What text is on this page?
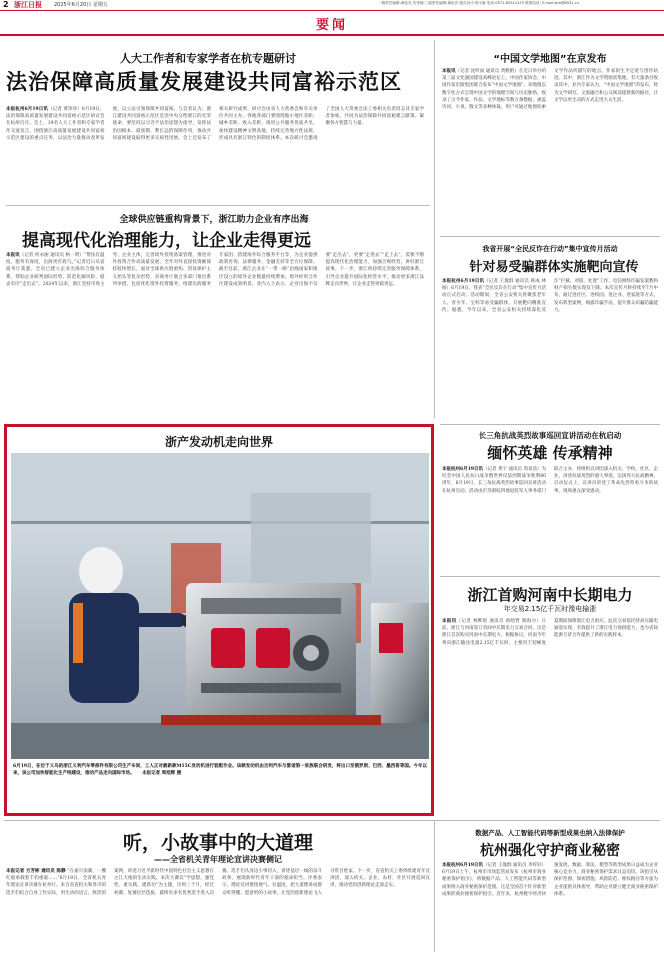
2 浙江日报 2025年6月20日 星期五	一版责任编辑:龚伦亮 后旻娴 二版责任编辑:龚伦亮 版式设计:郭小姬 电话:0571-85311479 联系电话: E-mail:zjrb@8531.cn
要闻
人大工作者和专家学者在杭专题研讨
法治保障高质量发展建设共同富裕示范区
本报杭州6月19日讯（记者 黄珍珍）6月19日，法治保障高质量发展建设共同富裕示范区研讨会在杭州召开。会上，19名人大工作者和专家学者作交流发言，围绕浙江高质量发展建设共同富裕示范区建设的重点任务，以法治力量推动改革发展，以立法引领保障共同富裕。与会者认为，浙江建设共同富裕示范区是党中央交给浙江的光荣使命，要坚持以习近平法治思想为指导，发挥法治固根本、稳预期、利长远的保障作用，推动共同富裕建设取得更多实质性进展。会上还发布了相关研究成果，研讨会由省人大常委会和有关单位共同主办。各地各部门要围绕缩小地区差距、城乡差距、收入差距，推进公共服务优质共享，加快建设精神文明高地，持续完善地方性法规，形成具有浙江特色的制度体系。本次研讨会邀请了全国人大常委会法工委相关负责同志及专家学者参加，共同为法治保障共同富裕建言献策，凝聚各方智慧与力量。
全球供应链重构背景下，浙江助力企业有序出海
提高现代化治理能力，让企业走得更远
本报讯（记者 何永丽 通讯员 杨一明）“帮扶有温度，服务有深度，出海更有底气。”记者近日从省商务厅获悉，全省已建立企业出海综合服务体系，帮助企业研判国际形势、防范化解风险、稳妥有序“走出去”。2024年以来，浙江坚持市场主导、企业主体，完善境外投资备案管理，推进对外投资合作高质量发展，全年对外直接投资额保持较快增长。面对全球供应链重构、贸易保护主义抬头等复杂形势，省商务厅联合多部门推出系列举措，包括优化境外投资服务、组建出海服务专家团、搭建海外综合服务平台等，为企业提供政策咨询、法律服务、金融支持等全方位保障。截至目前，浙江企业在“一带一路”沿线国家和地区设立的境外企业数量持续增加，境外经贸合作区建设成效明显。业内人士表示，企业出海不仅要“走出去”，更要“走进去”“走上去”，需要不断提高现代化治理能力，加强合规经营，讲好浙江故事。下一步，浙江将持续完善服务保障体系，引导企业提升国际化经营水平，推动更多浙江品牌走向世界，让企业走得更稳更远。
“中国文学地图”在京发布
本报讯（记者 沈听雨 通讯员 黄帆帆）在近日举办的第三届文化强国建设高峰论坛上，中国作家协会、中国作家出版集团联合发布“中国文学地图”。该地图以数字化方式呈现中国文学的地理空间与历史脉络，收录了古今作家、作品、文学地标等数万条数据，涵盖诗词、小说、散文等多种体裁，用户可通过地图检索文学作品所描写的地点、作家的生平足迹与创作轨迹。其中，浙江作为文学资源富集地，有大量条目收录其中。业内专家认为，“中国文学地图”的发布，将为文学研究、文旅融合和公众阅读提供新的路径，让文学以更生动的方式走进大众生活。
我省开展“全民反诈在行动”集中宣传月活动
针对易受骗群体实施靶向宣传
本报杭州6月19日讯（记者 王逸群 通讯员 韩成 林杨）6月19日，我省“全民反诈在行动”集中宣传月活动正式启动。活动期间，全省公安机关将聚焦老年人、青少年、宝妈等易受骗群体，开展靶向精准宣传。据悉，今年以来，全省公安机关持续深化反诈“拦截、劝阻、处置”工作，电信网络诈骗发案数和财产损失数实现双下降。本次宣传月将持续至7月中旬，通过进社区、进校园、进企业、进家庭等方式，发布典型案例，揭露诈骗手法，提升群众识骗防骗能力。
浙产发动机走向世界
6月19日，在位于义乌的浙江义利汽车零部件有限公司生产车间，工人正对最新款M15C发动机进行装配作业。该款发动机由吉利汽车与雷诺第一家族联合研发，将出口至俄罗斯、巴西、墨西哥等国。今年以来，该公司加快智能化生产线建设，推动产品走向国际市场。 本报记者 周旭辉 摄
长三角抗战英烈故事巡回宣讲活动在杭启动
缅怀英雄 传承精神
本报杭州6月19日讯（记者 黄宇 通讯员 周易清）为纪念中国人民抗日战争暨世界反法西斯战争胜利80周年，6月19日，长三角抗战英烈故事巡回宣讲活动在杭州启动。活动由沪苏浙皖四地退役军人事务部门联合主办，将组织宣讲团深入机关、学校、社区、企业，讲述抗战英烈的感人事迹，弘扬伟大抗战精神。启动仪式上，宣讲员讲述了革命先烈英勇斗争的故事，现场观众深受感动。
浙江首购河南中长期电力
年交易2.15亿千瓦时豫电输浙
本报讯（记者 林晔晗 通讯员 俞晗哲 陶海尔）日前，浙江与河南签订省间中长期电力交易合同，这是浙江首次购买河南中长期电力。根据协议，河南今年将向浙江输送电量2.15亿千瓦时，主要用于迎峰度夏期间保障浙江电力供应。此次交易依托特高压输电通道实现，有效提升了浙江电力保供能力，也为省间能源互济合作提供了新的实践样本。
听，小故事中的大道理
——全省机关青年理论宣讲决赛侧记
本报记者 方芳彬 通讯员 陈静 “在嘉兴南湖，一艘红船承载着千钧重量……”6月19日，全省机关青年理论宣讲决赛在杭举行。来自省直机关和各市的选手们结合自身工作实际，用生动的语言、鲜活的案例，讲述习近平新时代中国特色社会主义思想在之江大地的生动实践。本次大赛以“学思想、强党性、重实践、建新功”为主题，历时三个月，经过初赛、复赛层层选拔，最终有多名优秀选手进入决赛。选手们从身边小事切入，讲述基层一线的奋斗故事，展现新时代青年干部的使命担当。评委表示，理论宣讲要接地气、有温度，把大道理讲成群众听得懂、愿意听的小故事，让党的创新理论飞入寻常百姓家。下一步，省直机关工委将组建青年宣讲团，深入机关、企业、农村、社区开展巡回宣讲，推动党的创新理论走深走实。
数据产品、人工智能代码等新型成果也纳入法律保护
杭州强化守护商业秘密
本报杭州6月19日讯（记者 王逸群 通讯员 李梓轩）6月19日上午，杭州市市场监管局发布《杭州市商业秘密保护指引》，将数据产品、人工智能代码等新型成果纳入商业秘密保护范围。这是全国首个针对新型成果的商业秘密保护指引。近年来，杭州数字经济快速发展，数据、算法、模型等新型成果日益成为企业核心竞争力，商业秘密保护需求日益迫切。该指引从保护范围、保密措施、风险防范、维权路径等方面为企业提供具体指导，帮助企业建立健全商业秘密保护体系。
